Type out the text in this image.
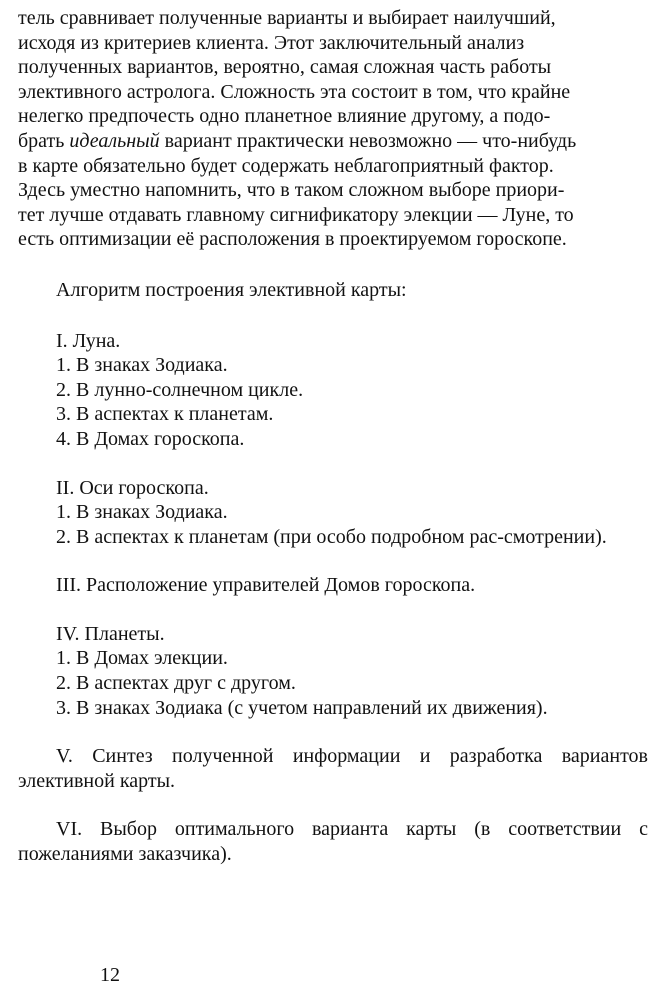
тель сравнивает полученные варианты и выбирает наилучший,
исходя из критериев клиента. Этот заключительный анализ
полученных вариантов, вероятно, самая сложная часть работы
элективного астролога. Сложность эта состоит в том, что крайне
нелегко предпочесть одно планетное влияние другому, а подо-
брать идеальный вариант практически невозможно — что-нибудь
в карте обязательно будет содержать неблагоприятный фактор.
Здесь уместно напомнить, что в таком сложном выборе приори-
тет лучше отдавать главному сигнификатору элекции — Луне, то
есть оптимизации её расположения в проектируемом гороскопе.
Алгоритм построения элективной карты:
I. Луна.
1. В знаках Зодиака.
2. В лунно-солнечном цикле.
3. В аспектах к планетам.
4. В Домах гороскопа.
II. Оси гороскопа.
1. В знаках Зодиака.
2. В аспектах к планетам (при особо подробном рас-смотрении).
III. Расположение управителей Домов гороскопа.
IV. Планеты.
1. В Домах элекции.
2. В аспектах друг с другом.
3. В знаках Зодиака (с учетом направлений их движения).
V. Синтез полученной информации и разработка вариантов элективной карты.
VI. Выбор оптимального варианта карты (в соответствии с пожеланиями заказчика).
12
